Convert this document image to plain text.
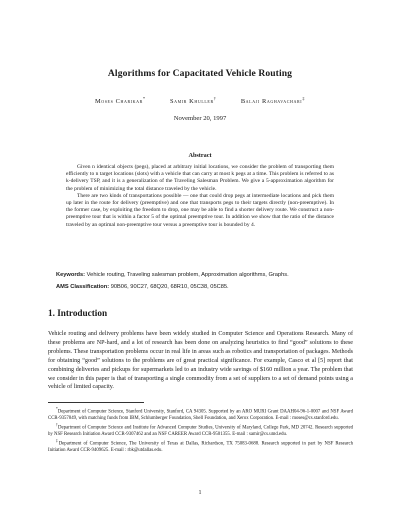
Algorithms for Capacitated Vehicle Routing
Moses Charikar*	Samir Khuller†	Balaji Raghavachari‡
November 20, 1997
Abstract

Given n identical objects (pegs), placed at arbitrary initial locations, we consider the problem of transporting them efficiently to n target locations (slots) with a vehicle that can carry at most k pegs at a time. This problem is referred to as k-delivery TSP, and it is a generalization of the Traveling Salesman Problem. We give a 5-approximation algorithm for the problem of minimizing the total distance traveled by the vehicle.

There are two kinds of transportations possible — one that could drop pegs at intermediate locations and pick them up later in the route for delivery (preemptive) and one that transports pegs to their targets directly (non-preemptive). In the former case, by exploiting the freedom to drop, one may be able to find a shorter delivery route. We construct a non-preemptive tour that is within a factor 5 of the optimal preemptive tour. In addition we show that the ratio of the distance traveled by an optimal non-preemptive tour versus a preemptive tour is bounded by 4.

Keywords: Vehicle routing, Traveling salesman problem, Approximation algorithms, Graphs.
AMS Classification: 90B06, 90C27, 68Q20, 68R10, 05C38, 05C85.
1. Introduction
Vehicle routing and delivery problems have been widely studied in Computer Science and Operations Research. Many of these problems are NP-hard, and a lot of research has been done on analyzing heuristics to find “good” solutions to these problems. These transportation problems occur in real life in areas such as robotics and transportation of packages. Methods for obtaining “good” solutions to the problems are of great practical significance. For example, Casco et al [5] report that combining deliveries and pickups for supermarkets led to an industry wide savings of $160 million a year. The problem that we consider in this paper is that of transporting a single commodity from a set of suppliers to a set of demand points using a vehicle of limited capacity.

*Department of Computer Science, Stanford University, Stanford, CA 94305. Supported by an ARO MURI Grant DAAH04-96-1-0007 and NSF Award CCR-9357849, with matching funds from IBM, Schlumberger Foundation, Shell Foundation, and Xerox Corporation. E-mail : moses@cs.stanford.edu.

†Department of Computer Science and Institute for Advanced Computer Studies, University of Maryland, College Park, MD 20742. Research supported by NSF Research Initiation Award CCR-9307462 and an NSF CAREER Award CCR-9501355. E-mail : samir@cs.umd.edu.

‡Department of Computer Science, The University of Texas at Dallas, Richardson, TX 75083-0688. Research supported in part by NSF Research Initiation Award CCR-9409625. E-mail : rbk@utdallas.edu.

1
